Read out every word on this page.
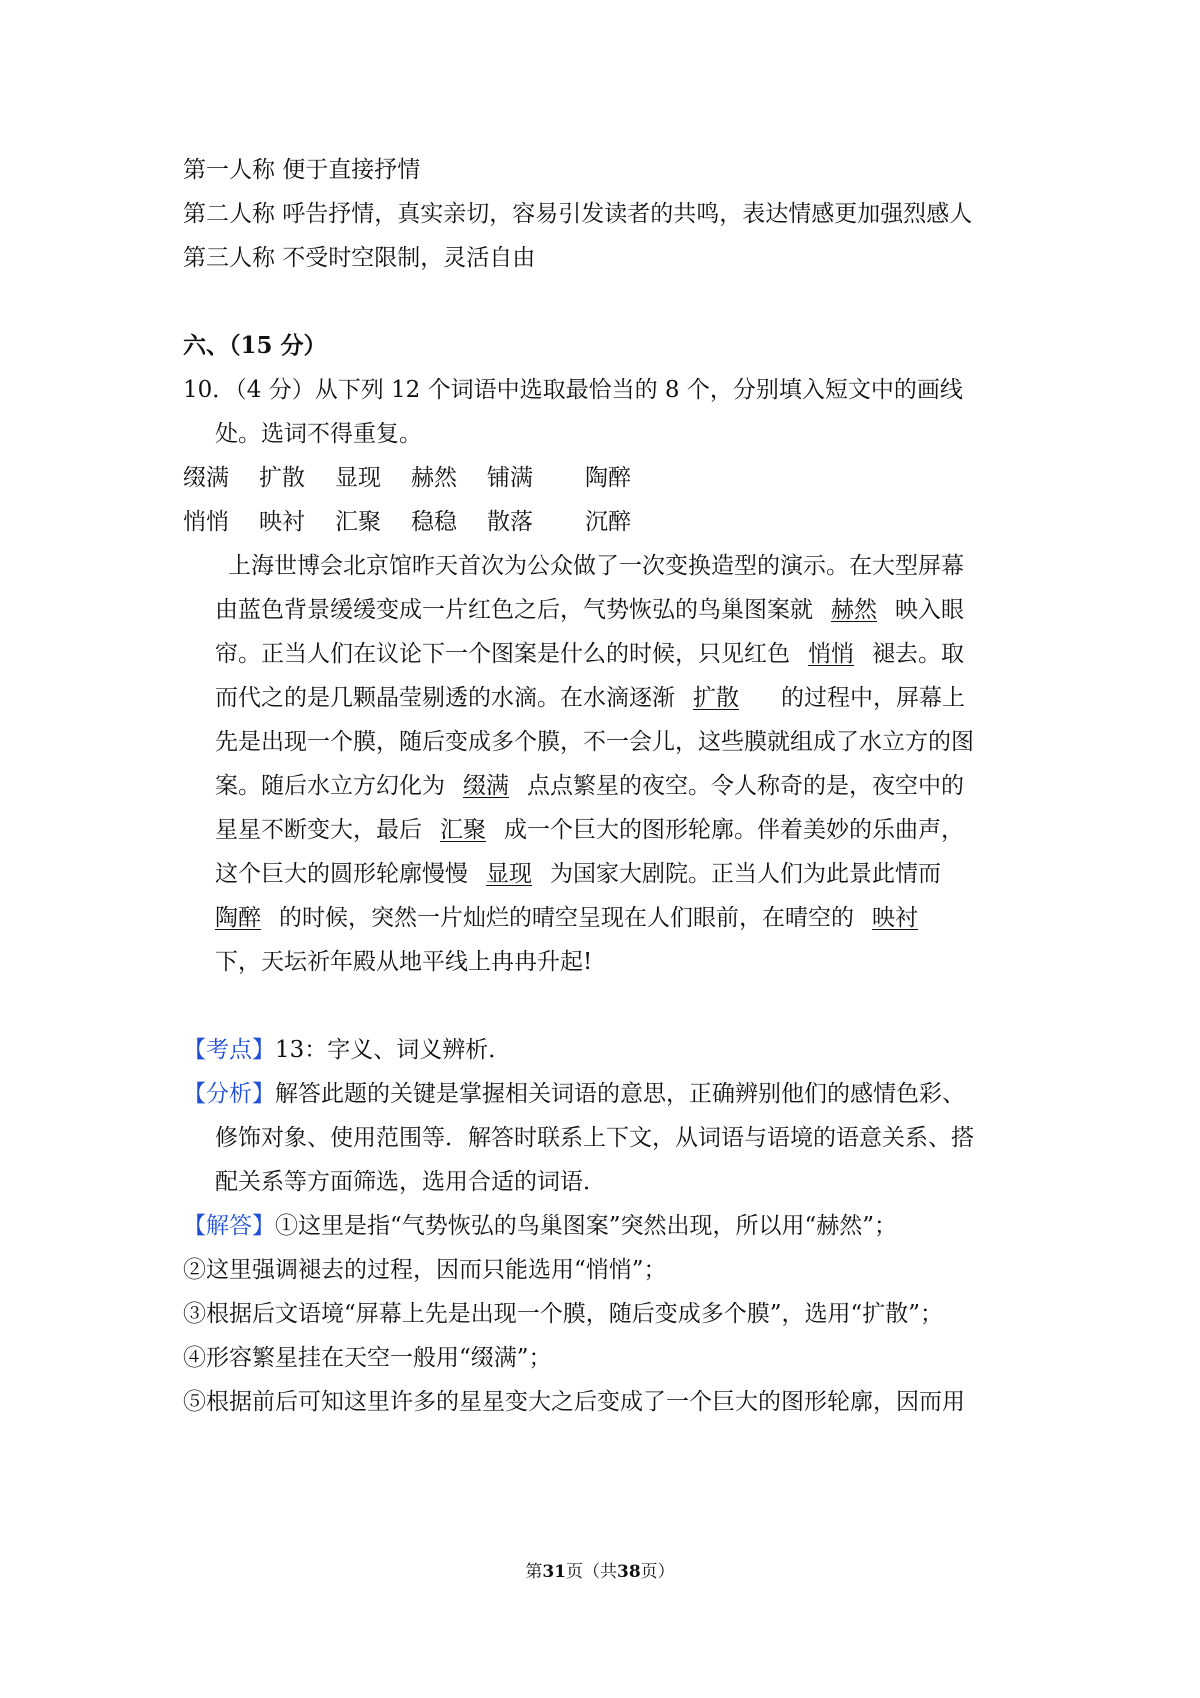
第一人称 便于直接抒情
第二人称 呼告抒情，真实亲切，容易引发读者的共鸣，表达情感更加强烈感人
第三人称 不受时空限制，灵活自由
六、（15 分）
10．（4 分）从下列 12 个词语中选取最恰当的 8 个，分别填入短文中的画线
处。选词不得重复。
缀满 扩散 显现 赫然 铺满 陶醉
悄悄 映衬 汇聚 稳稳 散落 沉醉
上海世博会北京馆昨天首次为公众做了一次变换造型的演示。在大型屏幕
由蓝色背景缓缓变成一片红色之后，气势恢弘的鸟巢图案就 赫然 映入眼
帘。正当人们在议论下一个图案是什么的时候，只见红色 悄悄 褪去。取
而代之的是几颗晶莹剔透的水滴。在水滴逐渐 扩散 的过程中，屏幕上
先是出现一个膜，随后变成多个膜，不一会儿，这些膜就组成了水立方的图
案。随后水立方幻化为 缀满 点点繁星的夜空。令人称奇的是，夜空中的
星星不断变大，最后 汇聚 成一个巨大的图形轮廓。伴着美妙的乐曲声，
这个巨大的圆形轮廓慢慢 显现 为国家大剧院。正当人们为此景此情而
陶醉 的时候，突然一片灿烂的晴空呈现在人们眼前，在晴空的 映衬
下，天坛祈年殿从地平线上冉冉升起!
【考点】13：字义、词义辨析．
【分析】解答此题的关键是掌握相关词语的意思，正确辨别他们的感情色彩、
修饰对象、使用范围等．解答时联系上下文，从词语与语境的语意关系、搭
配关系等方面筛选，选用合适的词语．
【解答】①这里是指“气势恢弘的鸟巢图案”突然出现，所以用“赫然”；
②这里强调褪去的过程，因而只能选用“悄悄”；
③根据后文语境“屏幕上先是出现一个膜，随后变成多个膜”，选用“扩散”；
④形容繁星挂在天空一般用“缀满”；
⑤根据前后可知这里许多的星星变大之后变成了一个巨大的图形轮廓，因而用
第31页（共38页）
